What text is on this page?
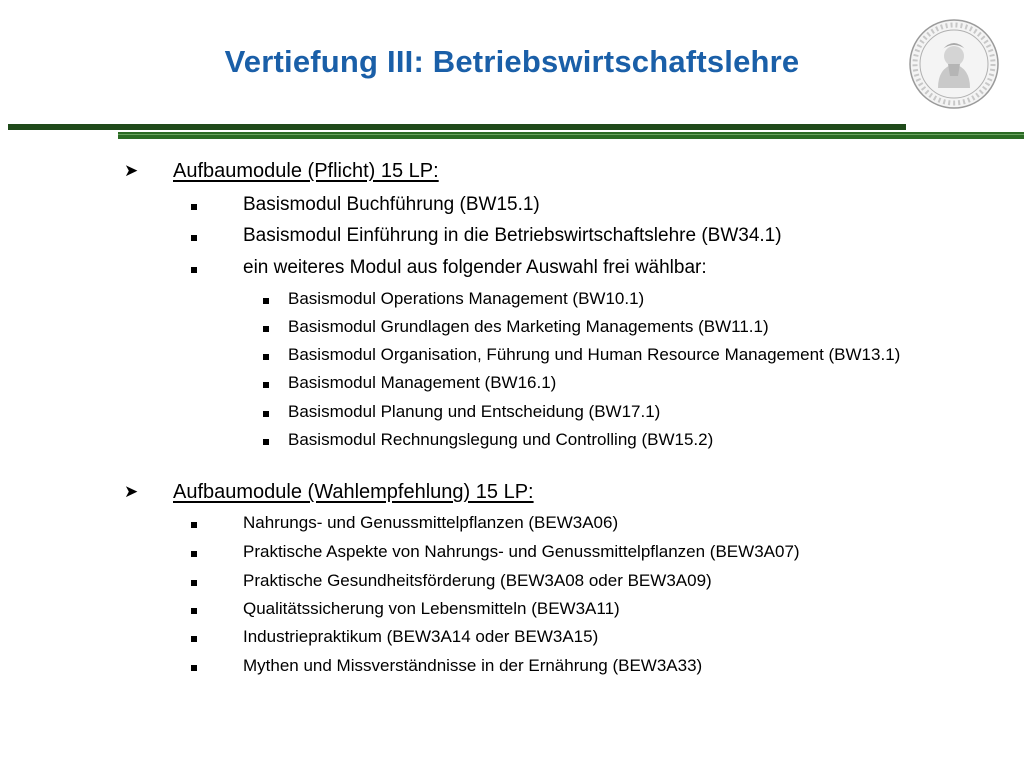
Vertiefung III: Betriebswirtschaftslehre
➤ Aufbaumodule (Pflicht) 15 LP:
Basismodul Buchführung (BW15.1)
Basismodul Einführung in die Betriebswirtschaftslehre (BW34.1)
ein weiteres Modul aus folgender Auswahl frei wählbar:
Basismodul Operations Management (BW10.1)
Basismodul Grundlagen des Marketing Managements (BW11.1)
Basismodul Organisation, Führung und Human Resource Management (BW13.1)
Basismodul Management (BW16.1)
Basismodul Planung und Entscheidung (BW17.1)
Basismodul Rechnungslegung und Controlling (BW15.2)
➤ Aufbaumodule (Wahlempfehlung) 15 LP:
Nahrungs- und Genussmittelpflanzen (BEW3A06)
Praktische Aspekte von Nahrungs- und Genussmittelpflanzen (BEW3A07)
Praktische Gesundheitsförderung (BEW3A08 oder BEW3A09)
Qualitätssicherung von Lebensmitteln (BEW3A11)
Industriepraktikum (BEW3A14 oder BEW3A15)
Mythen und Missverständnisse in der Ernährung (BEW3A33)
